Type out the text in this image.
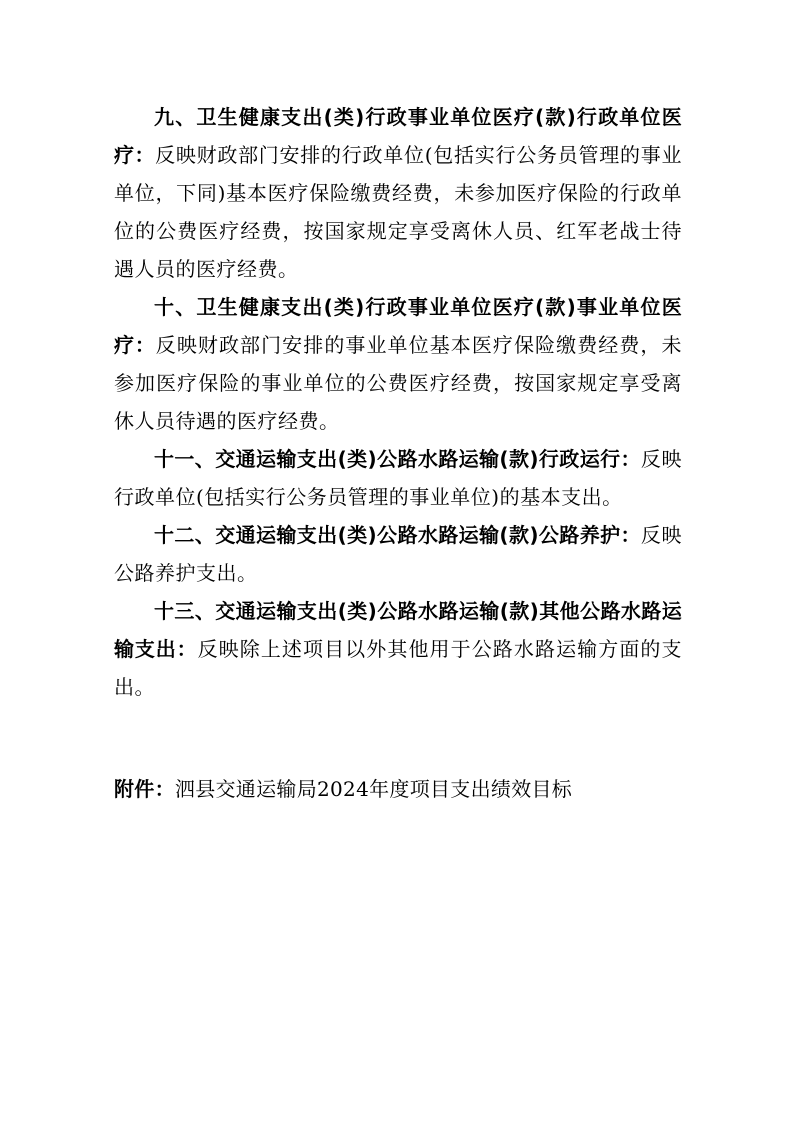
九、卫生健康支出(类)行政事业单位医疗(款)行政单位医疗：反映财政部门安排的行政单位(包括实行公务员管理的事业单位，下同)基本医疗保险缴费经费，未参加医疗保险的行政单位的公费医疗经费，按国家规定享受离休人员、红军老战士待遇人员的医疗经费。

十、卫生健康支出(类)行政事业单位医疗(款)事业单位医疗：反映财政部门安排的事业单位基本医疗保险缴费经费，未参加医疗保险的事业单位的公费医疗经费，按国家规定享受离休人员待遇的医疗经费。

十一、交通运输支出(类)公路水路运输(款)行政运行：反映行政单位(包括实行公务员管理的事业单位)的基本支出。

十二、交通运输支出(类)公路水路运输(款)公路养护：反映公路养护支出。

十三、交通运输支出(类)公路水路运输(款)其他公路水路运输支出：反映除上述项目以外其他用于公路水路运输方面的支出。

附件：泗县交通运输局2024年度项目支出绩效目标
